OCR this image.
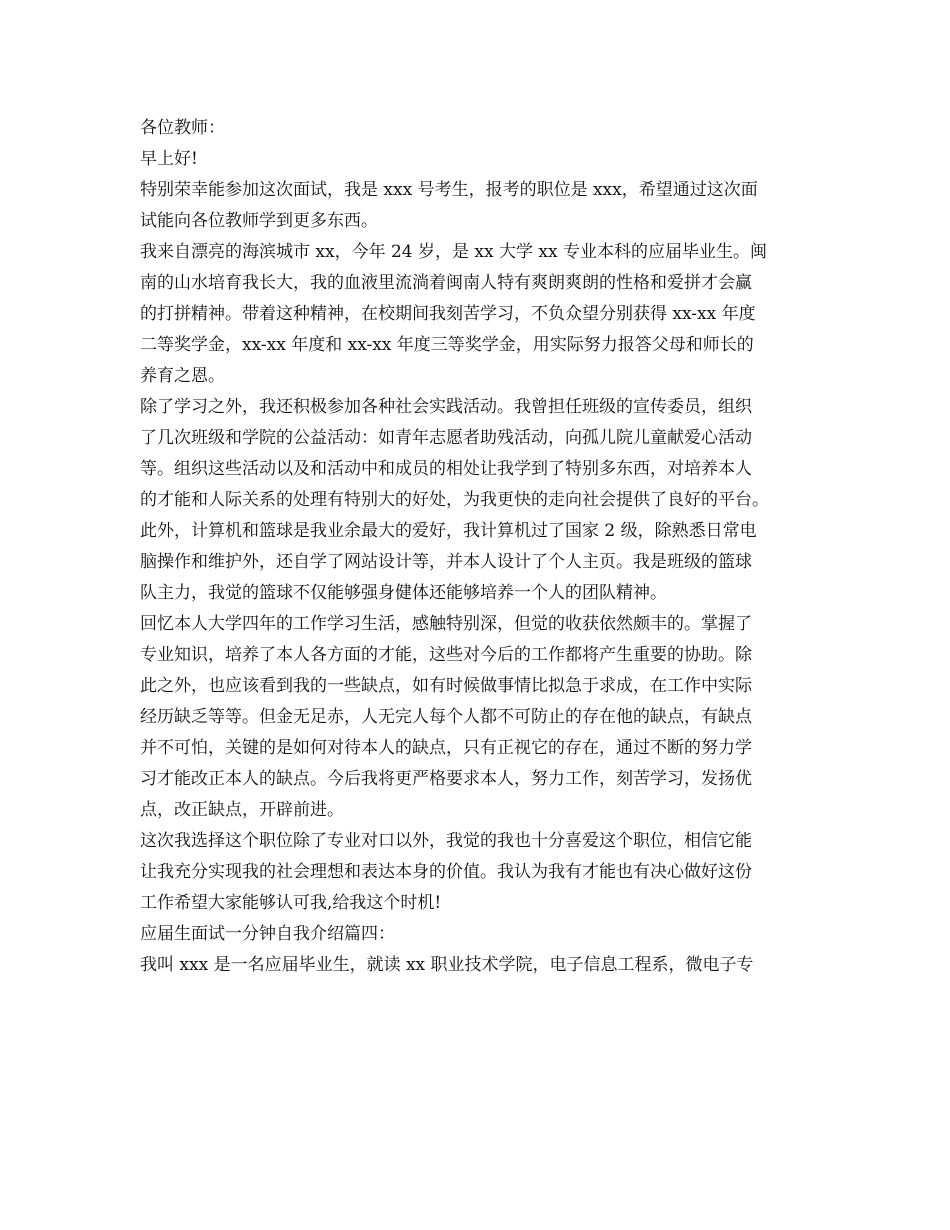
各位教师：
早上好!
特别荣幸能参加这次面试，我是 xxx 号考生，报考的职位是 xxx，希望通过这次面
试能向各位教师学到更多东西。
我来自漂亮的海滨城市 xx，今年 24 岁，是 xx 大学 xx 专业本科的应届毕业生。闽
南的山水培育我长大，我的血液里流淌着闽南人特有爽朗爽朗的性格和爱拼才会赢
的打拼精神。带着这种精神，在校期间我刻苦学习，不负众望分别获得 xx-xx 年度
二等奖学金，xx-xx 年度和 xx-xx 年度三等奖学金，用实际努力报答父母和师长的
养育之恩。
除了学习之外，我还积极参加各种社会实践活动。我曾担任班级的宣传委员，组织
了几次班级和学院的公益活动：如青年志愿者助残活动，向孤儿院儿童献爱心活动
等。组织这些活动以及和活动中和成员的相处让我学到了特别多东西，对培养本人
的才能和人际关系的处理有特别大的好处，为我更快的走向社会提供了良好的平台。
此外，计算机和篮球是我业余最大的爱好，我计算机过了国家 2 级，除熟悉日常电
脑操作和维护外，还自学了网站设计等，并本人设计了个人主页。我是班级的篮球
队主力，我觉的篮球不仅能够强身健体还能够培养一个人的团队精神。
回忆本人大学四年的工作学习生活，感触特别深，但觉的收获依然颇丰的。掌握了
专业知识，培养了本人各方面的才能，这些对今后的工作都将产生重要的协助。除
此之外，也应该看到我的一些缺点，如有时候做事情比拟急于求成，在工作中实际
经历缺乏等等。但金无足赤，人无完人每个人都不可防止的存在他的缺点，有缺点
并不可怕，关键的是如何对待本人的缺点，只有正视它的存在，通过不断的努力学
习才能改正本人的缺点。今后我将更严格要求本人，努力工作，刻苦学习，发扬优
点，改正缺点，开辟前进。
这次我选择这个职位除了专业对口以外，我觉的我也十分喜爱这个职位，相信它能
让我充分实现我的社会理想和表达本身的价值。我认为我有才能也有决心做好这份
工作希望大家能够认可我,给我这个时机!
应届生面试一分钟自我介绍篇四：
我叫 xxx 是一名应届毕业生，就读 xx 职业技术学院，电子信息工程系，微电子专
